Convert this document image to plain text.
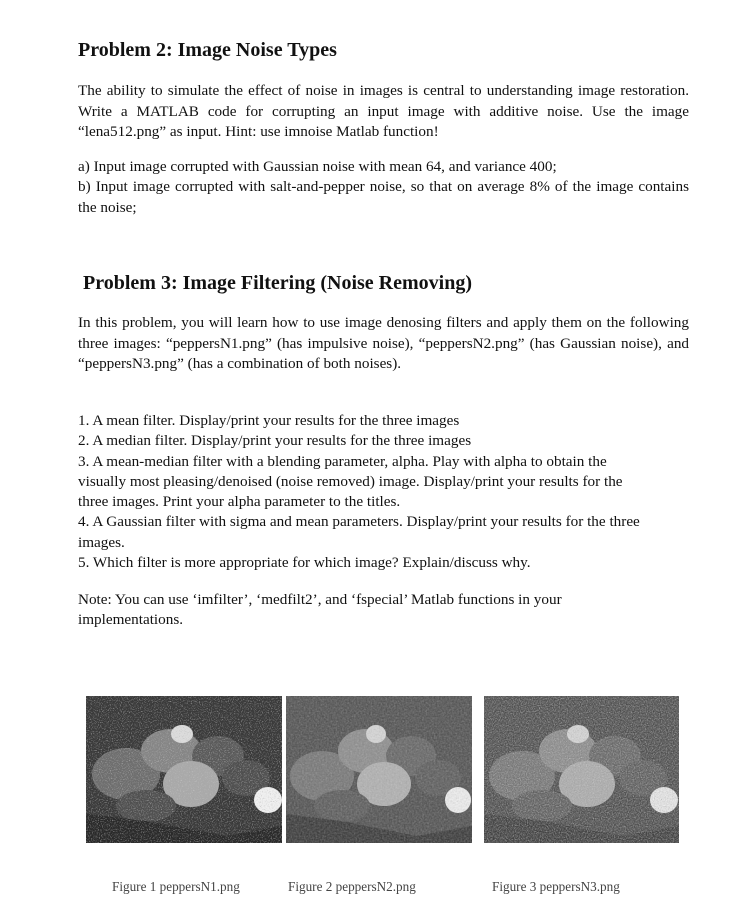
Problem 2: Image Noise Types

The ability to simulate the effect of noise in images is central to understanding image restoration. Write a MATLAB code for corrupting an input image with additive noise. Use the image “lena512.png” as input. Hint: use imnoise Matlab function!

a) Input image corrupted with Gaussian noise with mean 64, and variance 400;
b) Input image corrupted with salt-and-pepper noise, so that on average 8% of the image contains the noise;
Problem 3: Image Filtering (Noise Removing)

In this problem, you will learn how to use image denosing filters and apply them on the following three images: “peppersN1.png” (has impulsive noise), “peppersN2.png” (has Gaussian noise), and “peppersN3.png” (has a combination of both noises).

1. A mean filter. Display/print your results for the three images
2. A median filter. Display/print your results for the three images
3. A mean-median filter with a blending parameter, alpha. Play with alpha to obtain the
visually most pleasing/denoised (noise removed) image. Display/print your results for the
three images. Print your alpha parameter to the titles.
4. A Gaussian filter with sigma and mean parameters. Display/print your results for the three
images.
5. Which filter is more appropriate for which image? Explain/discuss why.
Note: You can use ‘imfilter’, ‘medfilt2’, and ‘fspecial’ Matlab functions in your
implementations.
Figure 1 peppersN1.png	Figure 2 peppersN2.png	Figure 3 peppersN3.png
